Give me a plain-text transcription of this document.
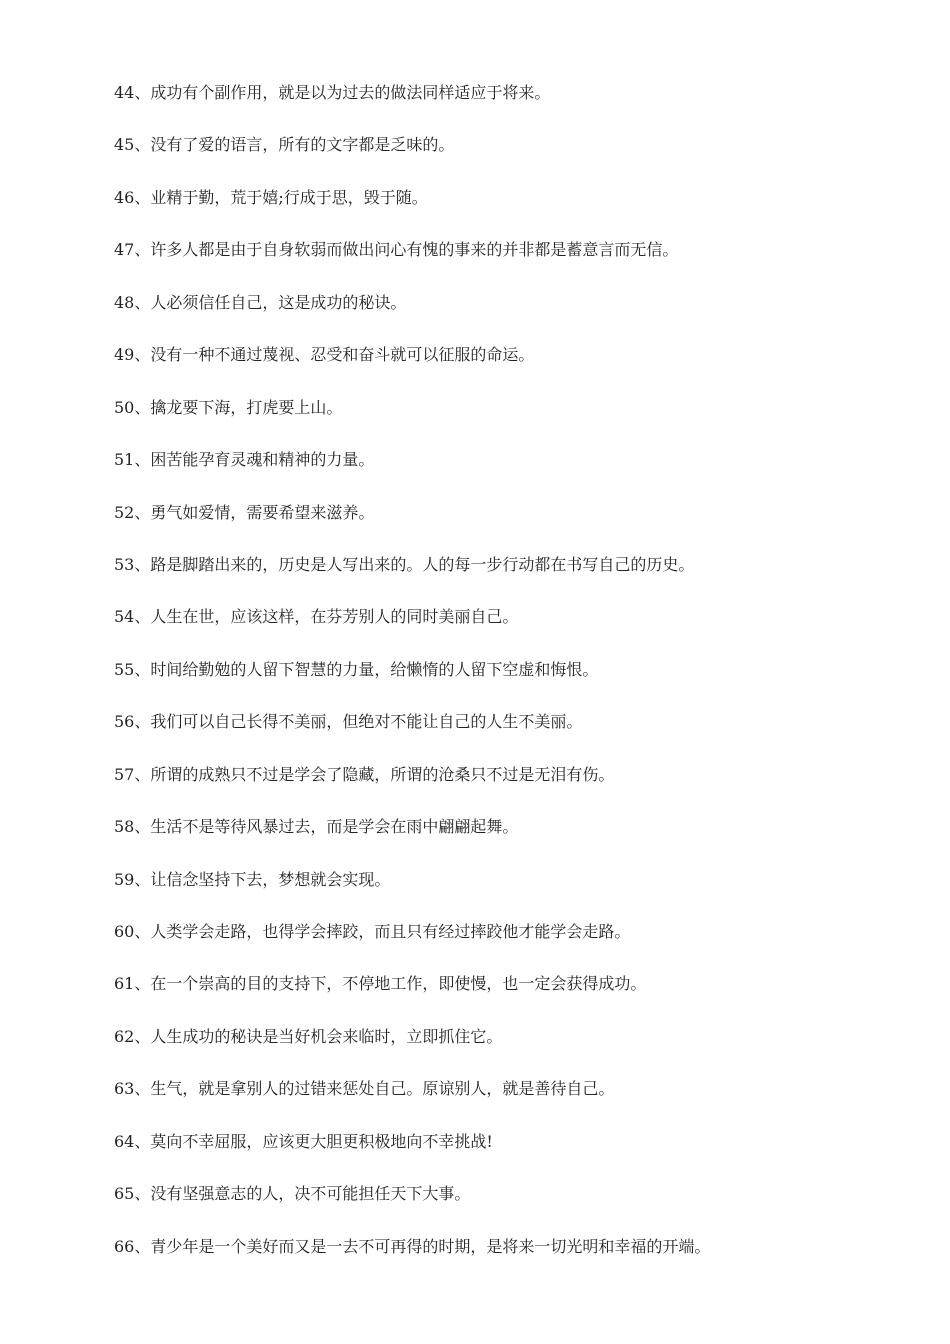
44、成功有个副作用，就是以为过去的做法同样适应于将来。
45、没有了爱的语言，所有的文字都是乏味的。
46、业精于勤，荒于嬉;行成于思，毁于随。
47、许多人都是由于自身软弱而做出问心有愧的事来的并非都是蓄意言而无信。
48、人必须信任自己，这是成功的秘诀。
49、没有一种不通过蔑视、忍受和奋斗就可以征服的命运。
50、擒龙要下海，打虎要上山。
51、困苦能孕育灵魂和精神的力量。
52、勇气如爱情，需要希望来滋养。
53、路是脚踏出来的，历史是人写出来的。人的每一步行动都在书写自己的历史。
54、人生在世，应该这样，在芬芳别人的同时美丽自己。
55、时间给勤勉的人留下智慧的力量，给懒惰的人留下空虚和悔恨。
56、我们可以自己长得不美丽，但绝对不能让自己的人生不美丽。
57、所谓的成熟只不过是学会了隐藏，所谓的沧桑只不过是无泪有伤。
58、生活不是等待风暴过去，而是学会在雨中翩翩起舞。
59、让信念坚持下去，梦想就会实现。
60、人类学会走路，也得学会摔跤，而且只有经过摔跤他才能学会走路。
61、在一个崇高的目的支持下，不停地工作，即使慢，也一定会获得成功。
62、人生成功的秘诀是当好机会来临时，立即抓住它。
63、生气，就是拿别人的过错来惩处自己。原谅别人，就是善待自己。
64、莫向不幸屈服，应该更大胆更积极地向不幸挑战!
65、没有坚强意志的人，决不可能担任天下大事。
66、青少年是一个美好而又是一去不可再得的时期，是将来一切光明和幸福的开端。
